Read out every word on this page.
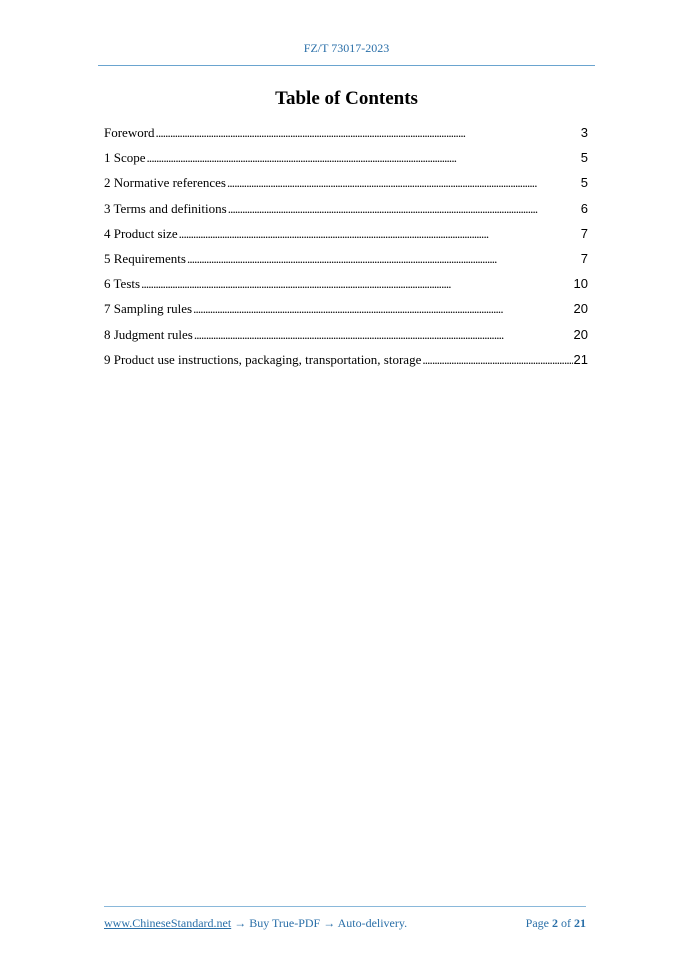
FZ/T 73017-2023
Table of Contents
Foreword . . .	3
1 Scope . . .	5
2 Normative references . . .	5
3 Terms and definitions . . .	6
4 Product size . . .	7
5 Requirements . . .	7
6 Tests . . .	10
7 Sampling rules . . .	20
8 Judgment rules . . .	20
9 Product use instructions, packaging, transportation, storage . . .	21
www.ChineseStandard.net → Buy True-PDF → Auto-delivery.	Page 2 of 21
